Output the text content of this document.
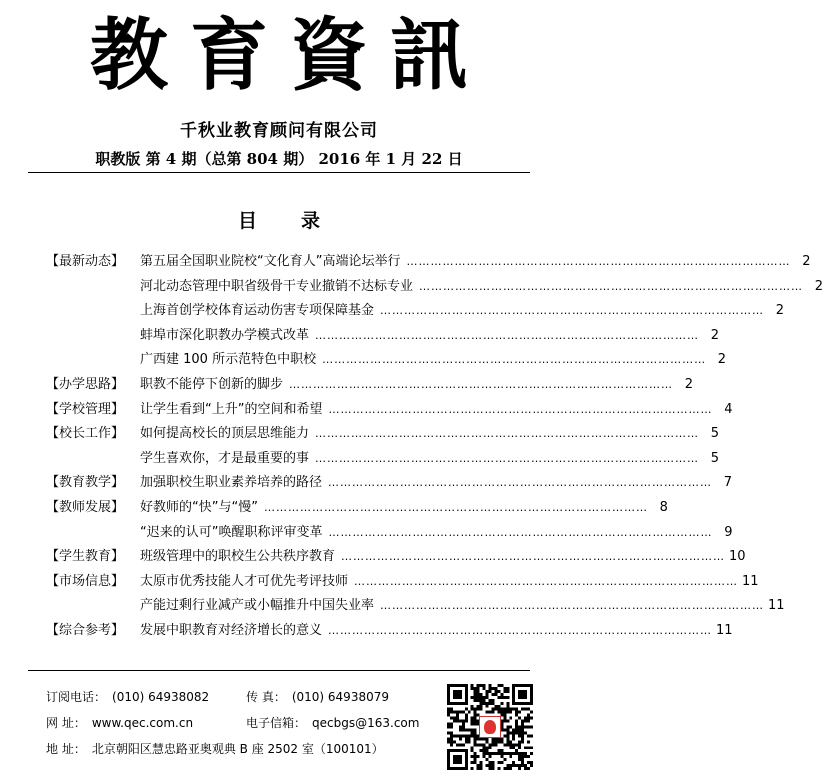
教育資訊
千秋业教育顾问有限公司
职教版 第 4 期（总第 804 期） 2016 年 1 月 22 日
目录
【最新动态】	第五届全国职业院校“文化育人”高端论坛举行 …………………………………………………………………………………… 2

河北动态管理中职省级骨干专业撤销不达标专业 …………………………………………………………………………………… 2

上海首创学校体育运动伤害专项保障基金 …………………………………………………………………………………… 2

蚌埠市深化职教办学模式改革 …………………………………………………………………………………… 2

广西建 100 所示范特色中职校 …………………………………………………………………………………… 2
【办学思路】	职教不能停下创新的脚步 …………………………………………………………………………………… 2
【学校管理】	让学生看到“上升”的空间和希望 …………………………………………………………………………………… 4
【校长工作】	如何提高校长的顶层思维能力 …………………………………………………………………………………… 5

学生喜欢你，才是最重要的事 …………………………………………………………………………………… 5
【教育教学】	加强职校生职业素养培养的路径 …………………………………………………………………………………… 7
【教师发展】	好教师的“快”与“慢” …………………………………………………………………………………… 8

“迟来的认可”唤醒职称评审变革 …………………………………………………………………………………… 9
【学生教育】	班级管理中的职校生公共秩序教育 …………………………………………………………………………………… 10
【市场信息】	太原市优秀技能人才可优先考评技师 …………………………………………………………………………………… 11

产能过剩行业减产或小幅推升中国失业率 …………………………………………………………………………………… 11
【综合参考】	发展中职教育对经济增长的意义 …………………………………………………………………………………… 11
订阅电话： (010) 64938082	传 真： (010) 64938079
网 址： www.qec.com.cn	电子信箱： qecbgs@163.com
地 址： 北京朝阳区慧忠路亚奥观典 B 座 2502 室（100101）
